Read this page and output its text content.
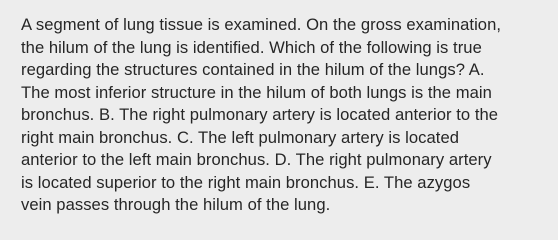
A segment of lung tissue is examined. On the gross examination,
the hilum of the lung is identified. Which of the following is true
regarding the structures contained in the hilum of the lungs? A.
The most inferior structure in the hilum of both lungs is the main
bronchus. B. The right pulmonary artery is located anterior to the
right main bronchus. C. The left pulmonary artery is located
anterior to the left main bronchus. D. The right pulmonary artery
is located superior to the right main bronchus. E. The azygos
vein passes through the hilum of the lung.
